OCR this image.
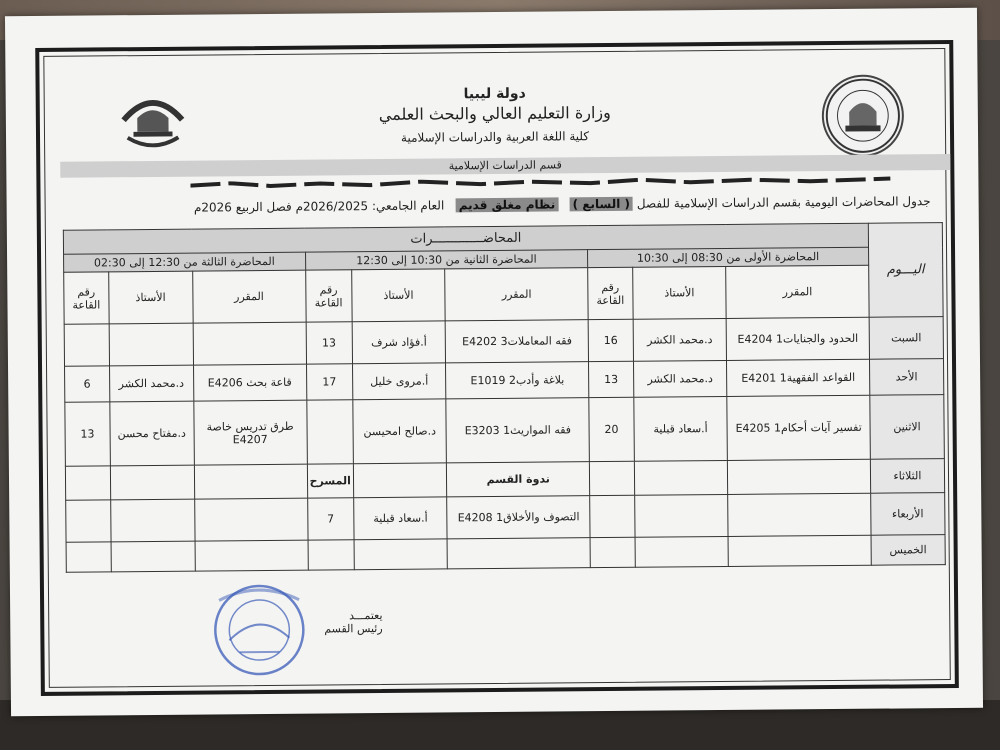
دولة ليبيا
وزارة التعليم العالي والبحث العلمي
كلية اللغة العربية والدراسات الإسلامية
قسم الدراسات الإسلامية
جدول المحاضرات اليومية بقسم الدراسات الإسلامية للفصل ( السابع )   نظام مغلق قديم   العام الجامعي: 2026/2025م فصل الربيع 2026م
اليـــوم	المحاضـــــــــــــرات								
	المحاضرة الأولى من 08:30 إلى 10:30			المحاضرة الثانية من 10:30 إلى 12:30			المحاضرة الثالثة من 12:30 إلى 02:30		
	المقرر	الأستاذ	رقم القاعة	المقرر	الأستاذ	رقم القاعة	المقرر	الأستاذ	رقم القاعة
السبت	الحدود والجنايات1 E4204	د.محمد الكشر	16	فقه المعاملات3 E4202	أ.فؤاد شرف	13			
الأحد	القواعد الفقهية1 E4201	د.محمد الكشر	13	بلاغة وأدب2 E1019	أ.مروى خليل	17	قاعة بحث E4206	د.محمد الكشر	6
الاثنين	تفسير آيات أحكام1 E4205	أ.سعاد قبلية	20	فقه المواريث1 E3203	د.صالح امحيسن		طرق تدريس خاصة E4207	د.مفتاح محسن	13
الثلاثاء				ندوة القسم		المسرح			
الأربعاء				التصوف والأخلاق1 E4208	أ.سعاد قبلية	7			
الخميس									
يعتمـــد
رئيس القسم
